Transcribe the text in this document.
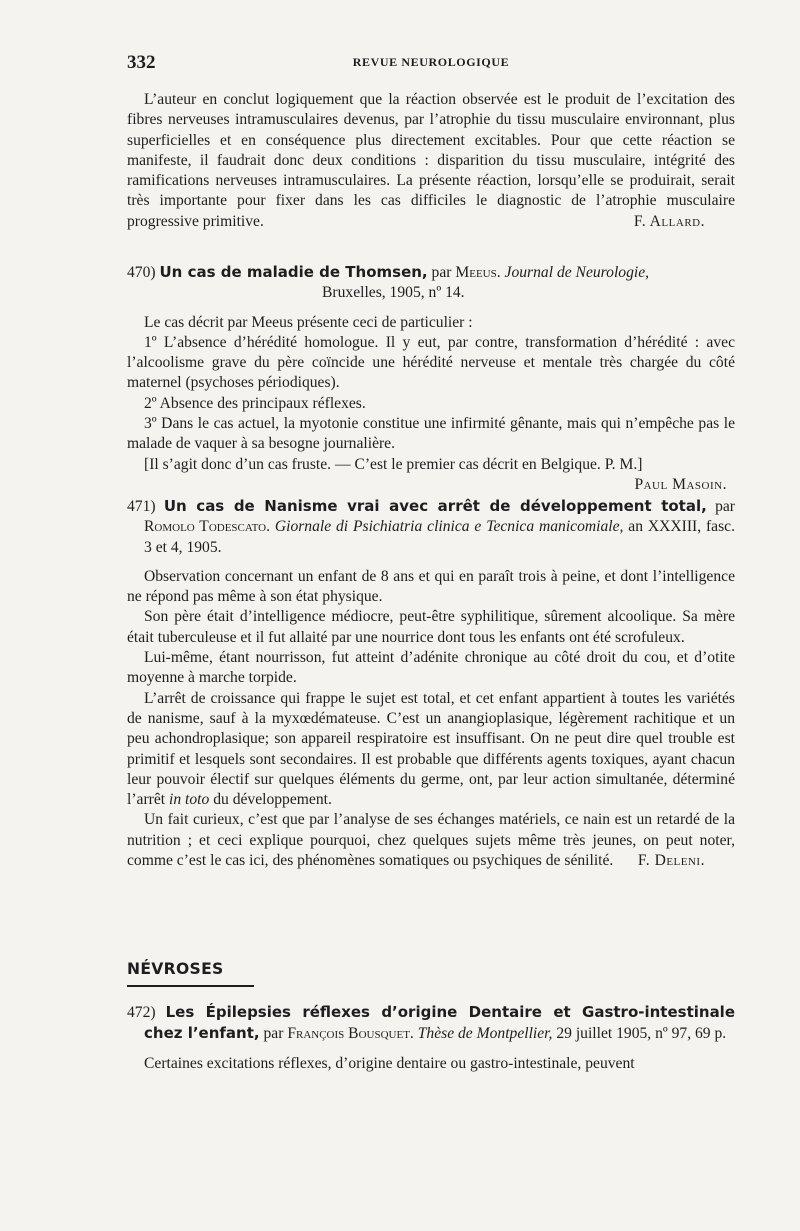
332	REVUE NEUROLOGIQUE

L’auteur en conclut logiquement que la réaction observée est le produit de l’excitation des fibres nerveuses intramusculaires devenus, par l’atrophie du tissu musculaire environnant, plus superficielles et en conséquence plus directement excitables. Pour que cette réaction se manifeste, il faudrait donc deux conditions : disparition du tissu musculaire, intégrité des ramifications nerveuses intramusculaires. La présente réaction, lorsqu’elle se produirait, serait très importante pour fixer dans les cas difficiles le diagnostic de l’atrophie musculaire progressive primitive.	F. Allard.

470) Un cas de maladie de Thomsen, par Meeus. Journal de Neurologie,
Bruxelles, 1905, nº 14.

Le cas décrit par Meeus présente ceci de particulier :

1º L’absence d’hérédité homologue. Il y eut, par contre, transformation d’hérédité : avec l’alcoolisme grave du père coïncide une hérédité nerveuse et mentale très chargée du côté maternel (psychoses périodiques).

2º Absence des principaux réflexes.

3º Dans le cas actuel, la myotonie constitue une infirmité gênante, mais qui n’empêche pas le malade de vaquer à sa besogne journalière.

[Il s’agit donc d’un cas fruste. — C’est le premier cas décrit en Belgique. P. M.]

Paul Masoin.

471) Un cas de Nanisme vrai avec arrêt de développement total, par Romolo Todescato. Giornale di Psichiatria clinica e Tecnica manicomiale, an XXXIII, fasc. 3 et 4, 1905.

Observation concernant un enfant de 8 ans et qui en paraît trois à peine, et dont l’intelligence ne répond pas même à son état physique.

Son père était d’intelligence médiocre, peut-être syphilitique, sûrement alcoolique. Sa mère était tuberculeuse et il fut allaité par une nourrice dont tous les enfants ont été scrofuleux.

Lui-même, étant nourrisson, fut atteint d’adénite chronique au côté droit du cou, et d’otite moyenne à marche torpide.

L’arrêt de croissance qui frappe le sujet est total, et cet enfant appartient à toutes les variétés de nanisme, sauf à la myxœdémateuse. C’est un anangioplasique, légèrement rachitique et un peu achondroplasique; son appareil respiratoire est insuffisant. On ne peut dire quel trouble est primitif et lesquels sont secondaires. Il est probable que différents agents toxiques, ayant chacun leur pouvoir électif sur quelques éléments du germe, ont, par leur action simultanée, déterminé l’arrêt in toto du développement.

Un fait curieux, c’est que par l’analyse de ses échanges matériels, ce nain est un retardé de la nutrition ; et ceci explique pourquoi, chez quelques sujets même très jeunes, on peut noter, comme c’est le cas ici, des phénomènes somatiques ou psychiques de sénilité.	F. Deleni.

NÉVROSES
472) Les Épilepsies réflexes d’origine Dentaire et Gastro-intestinale chez l’enfant, par François Bousquet. Thèse de Montpellier, 29 juillet 1905, nº 97, 69 p.

Certaines excitations réflexes, d’origine dentaire ou gastro-intestinale, peuvent
